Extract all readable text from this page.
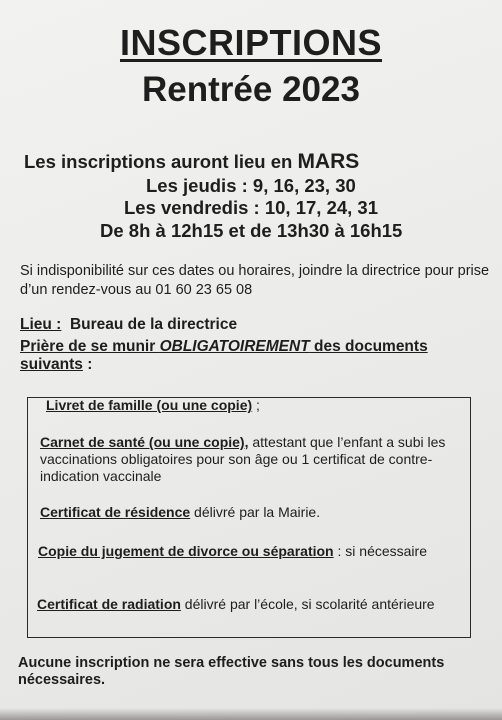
INSCRIPTIONS
Rentrée 2023
Les inscriptions auront lieu en MARS
Les jeudis : 9, 16, 23, 30
Les vendredis : 10, 17, 24, 31
De 8h à 12h15 et de 13h30 à 16h15
Si indisponibilité sur ces dates ou horaires, joindre la directrice pour prise d’un rendez-vous au 01 60 23 65 08
Lieu : Bureau de la directrice
Prière de se munir OBLIGATOIREMENT des documents suivants :
Livret de famille (ou une copie) ;
Carnet de santé (ou une copie), attestant que l’enfant a subi les vaccinations obligatoires pour son âge ou 1 certificat de contre-indication vaccinale
Certificat de résidence délivré par la Mairie.
Copie du jugement de divorce ou séparation : si nécessaire
Certificat de radiation délivré par l’école, si scolarité antérieure
Aucune inscription ne sera effective sans tous les documents nécessaires.
